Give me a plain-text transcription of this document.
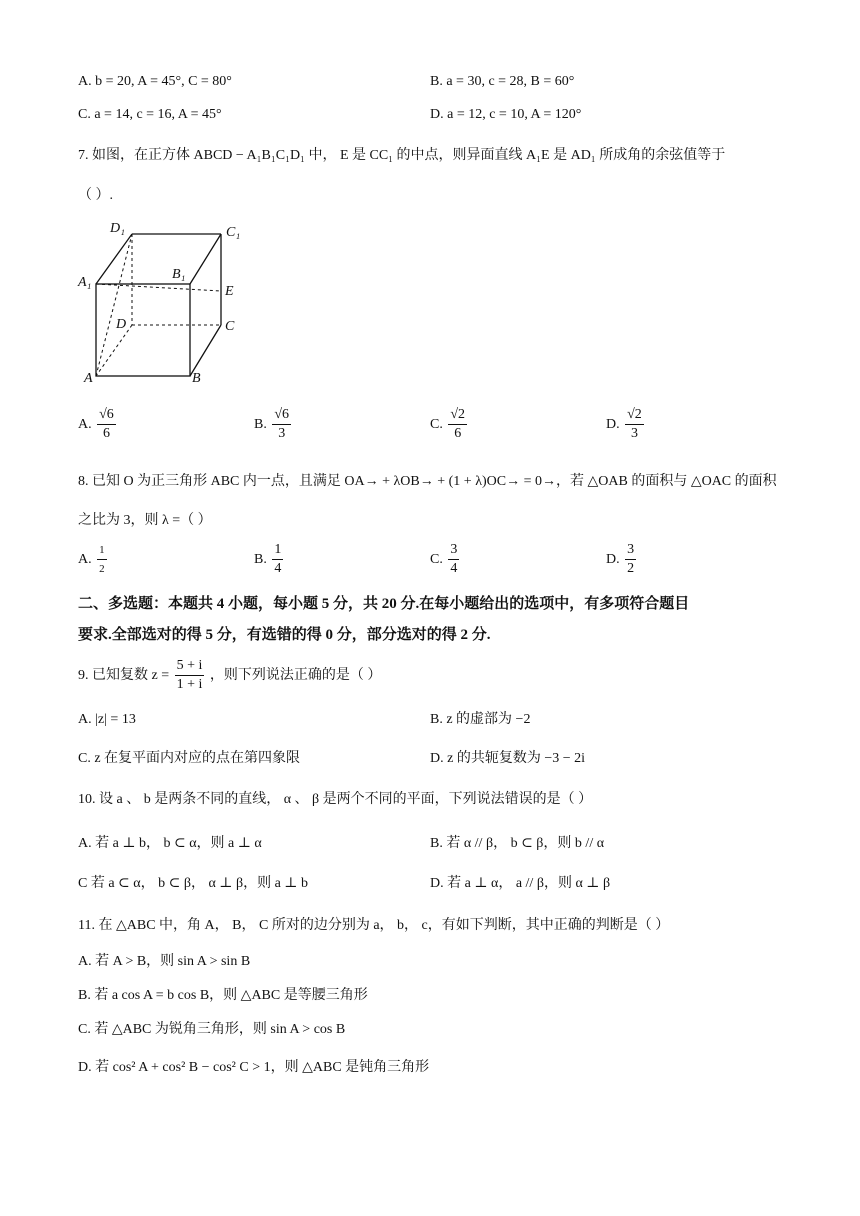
A. b = 20, A = 45°, C = 80°	B. a = 30, c = 28, B = 60°
C. a = 14, c = 16, A = 45°	D. a = 12, c = 10, A = 120°
7. 如图，在正方体 ABCD − A₁B₁C₁D₁ 中， E 是 CC₁ 的中点，则异面直线 A₁E 是 AD₁ 所成角的余弦值等于
（ ）.
D₁	C₁
A₁
B₁
E
D	C
A	B
A. $\frac{√6}{6}$	B. $\frac{√6}{3}$	C. $\frac{√2}{6}$	D. $\frac{√2}{3}$
8. 已知 O 为正三角形 ABC 内一点，且满足 OA→ + λOB→ + (1 + λ)OC→ = 0→，若 △OAB 的面积与 △OAC 的面积
之比为 3，则 λ =（ ）
A. $\frac{1}{2}$	B. $\frac{1}{4}$	C. $\frac{3}{4}$	D. $\frac{3}{2}$
二、多选题：本题共 4 小题，每小题 5 分，共 20 分.在每小题给出的选项中，有多项符合题目
要求.全部选对的得 5 分，有选错的得 0 分，部分选对的得 2 分.
9. 已知复数 $z = \frac{5 + i}{1 + i}$ ，则下列说法正确的是（ ）
A. |z| = 13	B. z 的虚部为 −2
C. z 在复平面内对应的点在第四象限	D. z 的共轭复数为 −3 − 2i
10. 设 a 、 b 是两条不同的直线， α 、 β 是两个不同的平面，下列说法错误的是（ ）
A. 若 a ⊥ b， b ⊂ α，则 a ⊥ α	B. 若 α // β， b ⊂ β，则 b // α
C 若 a ⊂ α， b ⊂ β， α ⊥ β，则 a ⊥ b	D. 若 a ⊥ α， a // β，则 α ⊥ β
11. 在 △ABC 中，角 A， B， C 所对的边分别为 a， b， c，有如下判断，其中正确的判断是（ ）
A. 若 A > B，则 sin A > sin B
B. 若 a cos A = b cos B，则 △ABC 是等腰三角形
C. 若 △ABC 为锐角三角形，则 sin A > cos B
D. 若 cos² A + cos² B − cos² C > 1，则 △ABC 是钝角三角形
